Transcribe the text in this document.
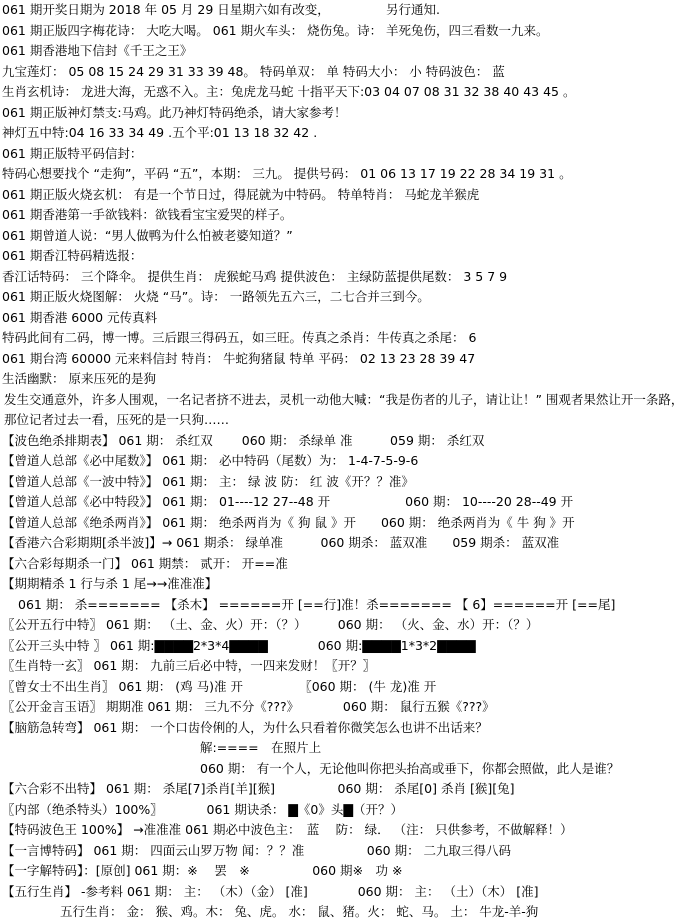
061 期开奖日期为 2018 年 05 月 29 日星期六如有改变，　　　　　另行通知.
061 期正版四字梅花诗： 大吃大喝。 061 期火车头： 烧伤兔。诗： 羊死兔伤，四三看数一九来。
061 期香港地下信封《千王之王》
九宝莲灯： 05 08 15 24 29 31 33 39 48。 特码单双： 单 特码大小： 小 特码波色： 蓝
生肖玄机诗： 龙进大海，无惑不入。主：兔虎龙马蛇 十指平天下:03 04 07 08 31 32 38 40 43 45 。
061 期正版神灯禁支:马鸡。此乃神灯特码绝杀，请大家参考！
神灯五中特:04 16 33 34 49 .五个平:01 13 18 32 42 .
061 期正版特平码信封：
特码心想要找个 “走狗”，平码 “五”，本期： 三九。 提供号码： 01 06 13 17 19 22 28 34 19 31 。
061 期正版火烧玄机： 有是一个节日过，得屁就为中特码。 特单特肖： 马蛇龙羊猴虎
061 期香港第一手欲钱料：欲钱看宝宝爱哭的样子。
061 期曾道人说：“男人做鸭为什么怕被老婆知道？”
061 期香江特码精选报：
香江话特码： 三个降伞。 提供生肖： 虎猴蛇马鸡 提供波色： 主绿防蓝提供尾数： 3 5 7 9
061 期正版火烧图解： 火烧 “马”。诗： 一路领先五六三，二七合并三到今。
061 期香港 6000 元传真料
特码此间有二码，博一博。三后跟三得码五，如三旺。传真之杀肖：牛传真之杀尾： 6
061 期台湾 60000 元来料信封 特肖： 牛蛇狗猪鼠 特单 平码： 02 13 23 28 39 47
生活幽默： 原来压死的是狗
发生交通意外，许多人围观，一名记者挤不进去，灵机一动他大喊：“我是伤者的儿子，请让让！” 围观者果然让开一条路，那位记者过去一看，压死的是一只狗……
【波色绝杀排期表】 061 期： 杀红双　　 060 期： 杀绿单 准　　　059 期： 杀红双
【曾道人总部《必中尾数》】 061 期： 必中特码（尾数）为： 1-4-7-5-9-6
【曾道人总部《一波中特》】 061 期： 主： 绿 波 防： 红 波《开？？准》
【曾道人总部《必中特段》】 061 期： 01----12 27--48 开　　　　　　060 期： 10----20 28--49 开
【曾道人总部《绝杀两肖》】 061 期： 绝杀两肖为《 狗 鼠 》开　　060 期： 绝杀两肖为《 牛 狗 》开
【香港六合彩期期[杀半波]】→ 061 期杀： 绿单准　　　060 期杀： 蓝双准　　059 期杀： 蓝双准
【六合彩每期杀一门】 061 期禁： 贰开： 开==准
【期期精杀 1 行与杀 1 尾→→准准准】
061 期： 杀======= 【杀木】 ======开 [==行]准！杀======= 【 6】======开 [==尾]
〖公开五行中特〗 061 期： （土、金、火）开：（？）　　　060 期： （火、金、水）开：（？）
〖公开三头中特 〗 061 期:▇▇▇▇2*3*4▇▇▇▇　　　　060 期:▇▇▇▇1*3*2▇▇▇▇
〖生肖特一玄〗 061 期： 九前三后必中特，一四来发财！〖开？〗
〖曾女士不出生肖〗 061 期： (鸡 马)准 开　　　　　〖060 期： (牛 龙)准 开
〖公开金言玉语〗 期期准 061 期： 三九不分《???》　　　　060 期： 鼠行五猴《???》
【脑筋急转弯】 061 期： 一个口齿伶俐的人，为什么只看着你微笑怎么也讲不出话来？
解:====　在照片上
060 期： 有一个人，无论他叫你把头抬高或垂下，你都会照做，此人是谁？
【六合彩不出特】 061 期： 杀尾[7]杀肖[羊][猴]　　　　　060 期： 杀尾[0] 杀肖 [猴][兔]
〖内部（绝杀特头）100%〗　　　　061 期诀杀： ▇《0》头▇（开？）
【特码波色王 100%】 →准准准 061 期必中波色主：　蓝　 防： 绿． （注： 只供参考，不做解释！）
【一言博特码】 061 期： 四面云山罗万物 闻：？？准　　　　　060 期： 二九取三得八码
【一字解特码】：[原创] 061 期：※　 罢　※　　　　　060 期※　功 ※
【五行生肖】 -参考料 061 期： 主： （木）（金） [准]　　　　060 期： 主： （土）（木） [准]
五行生肖： 金： 猴、鸡。木： 兔、虎。 水： 鼠、猪。火： 蛇、马。 土： 牛龙-羊-狗
